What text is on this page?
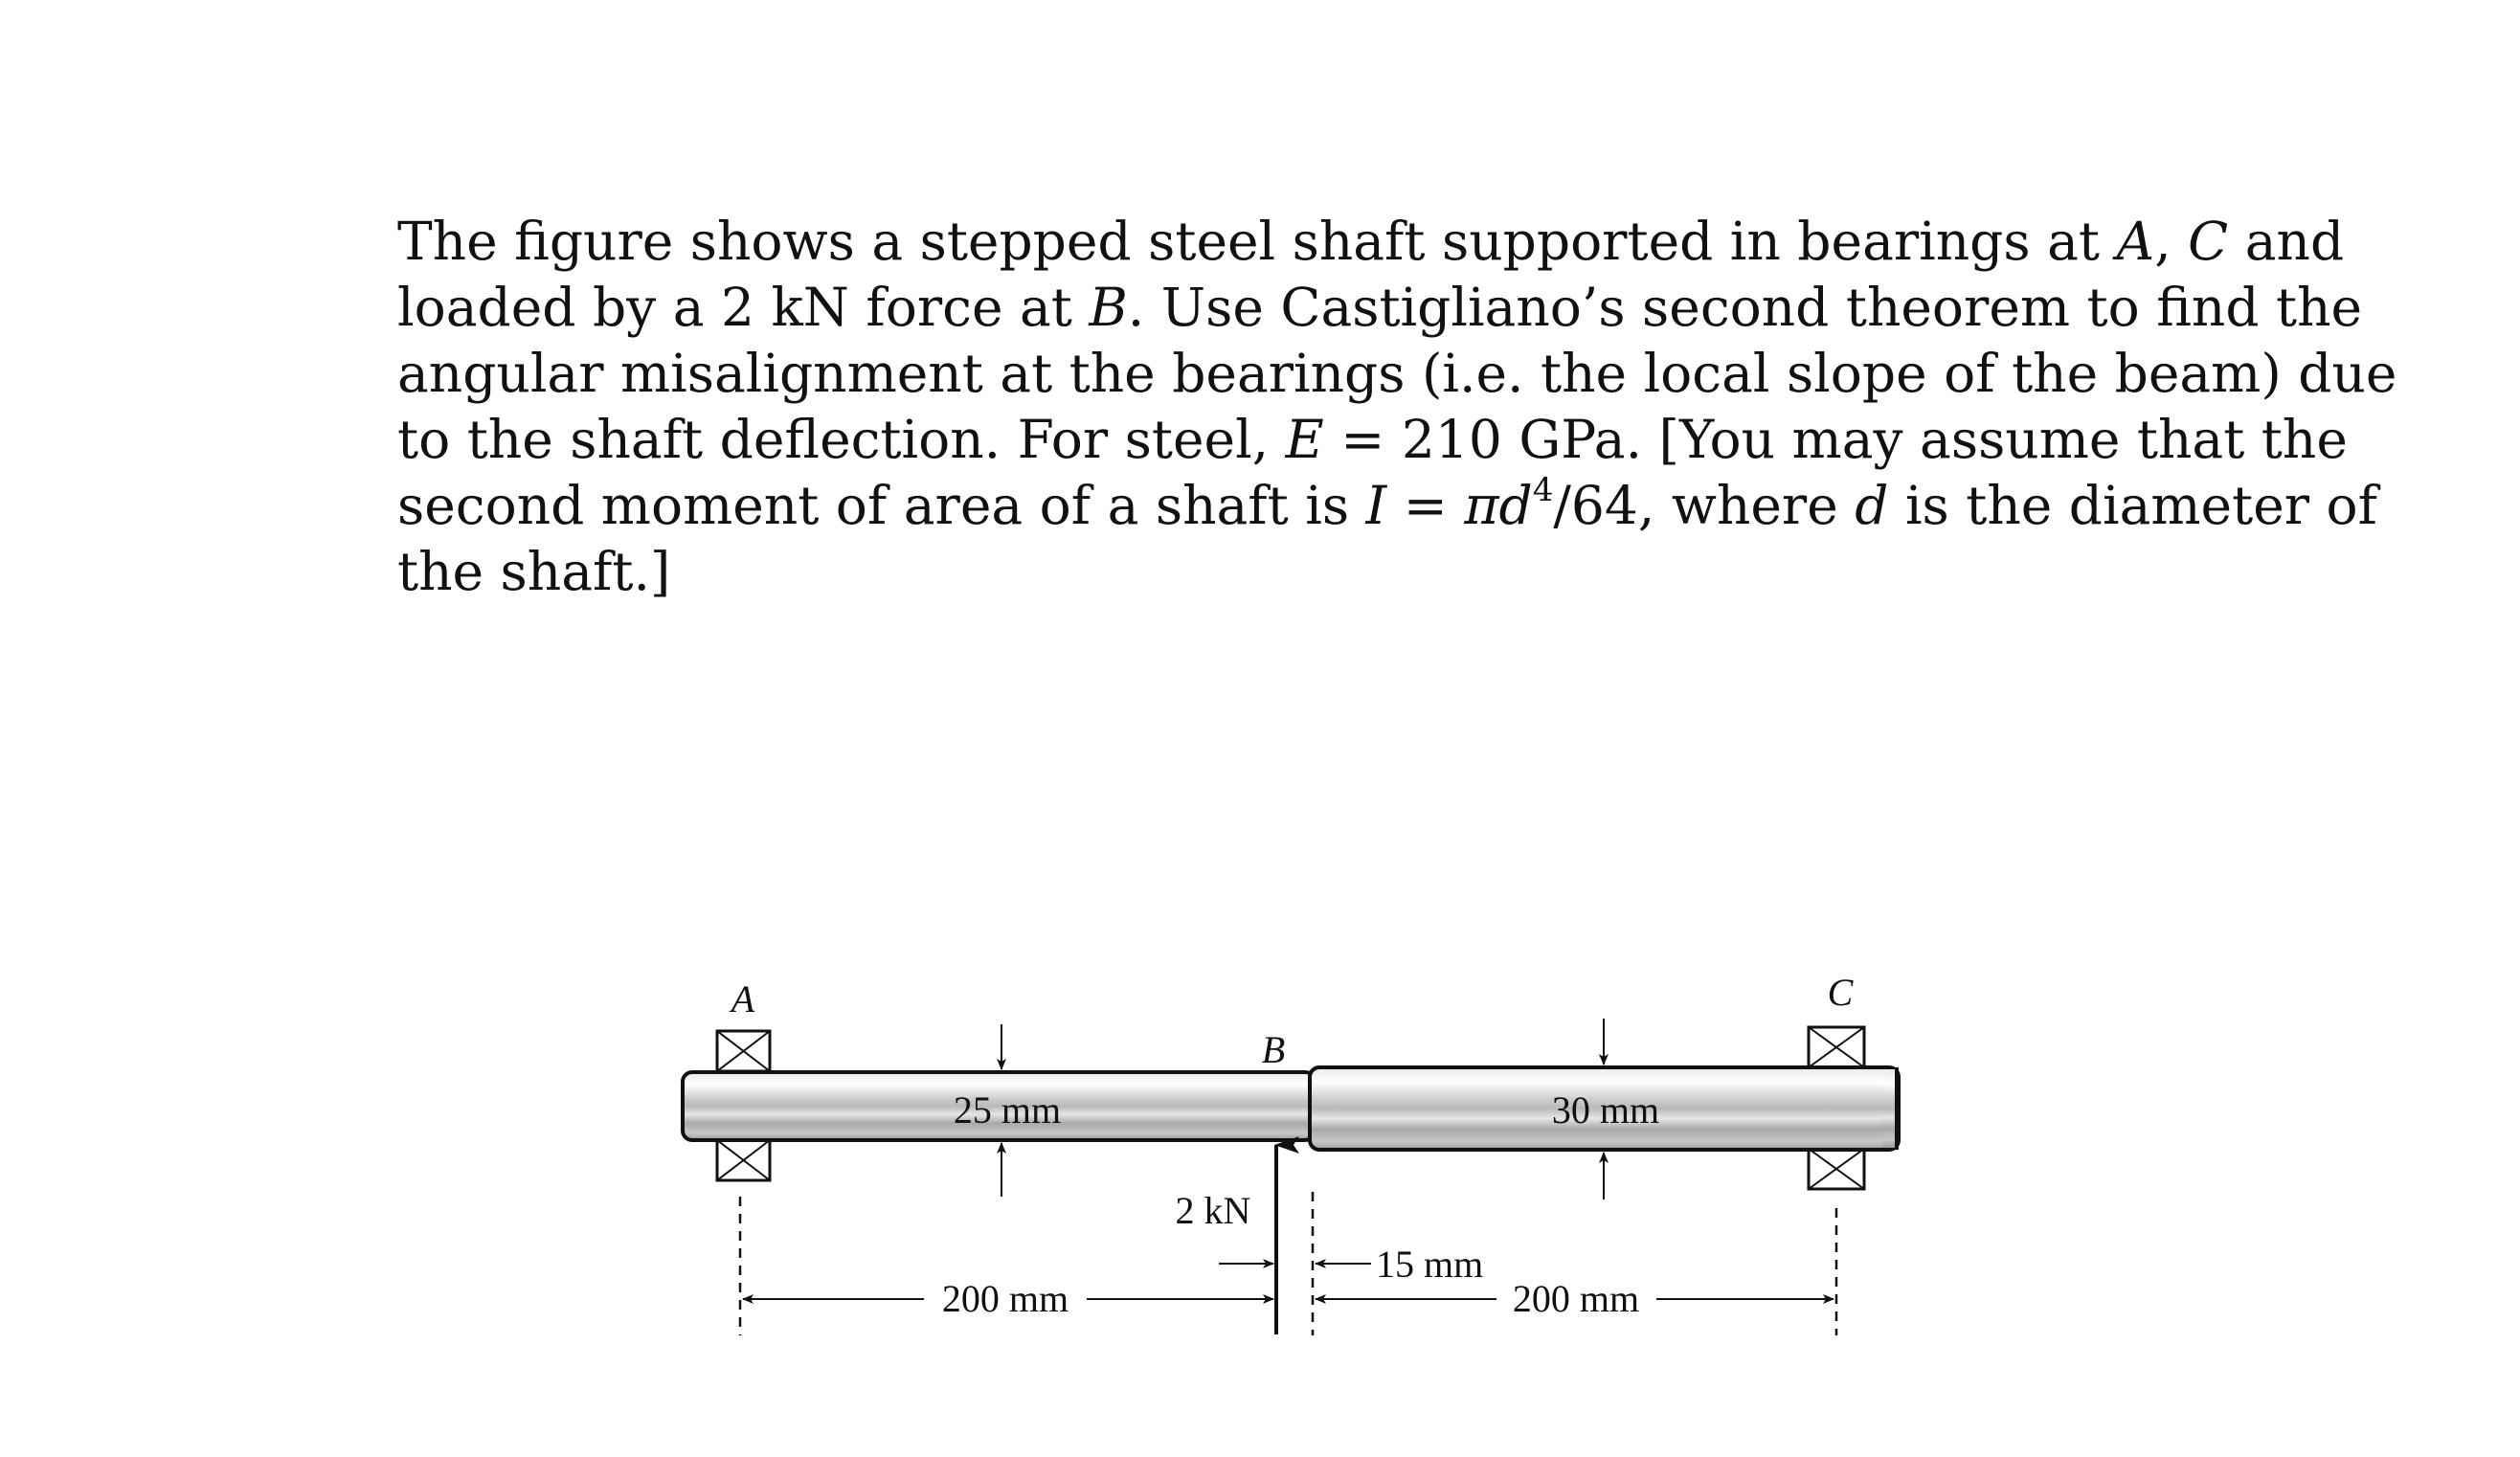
The figure shows a stepped steel shaft supported in bearings at A, C and
loaded by a 2 kN force at B. Use Castigliano’s second theorem to find the
angular misalignment at the bearings (i.e. the local slope of the beam) due
to the shaft deflection. For steel, E = 210 GPa. [You may assume that the
second moment of area of a shaft is $I = \pi d^4/64$, where d is the diameter of
the shaft.]
A
B
C
25 mm	30 mm
2 kN
15 mm
200 mm	200 mm
